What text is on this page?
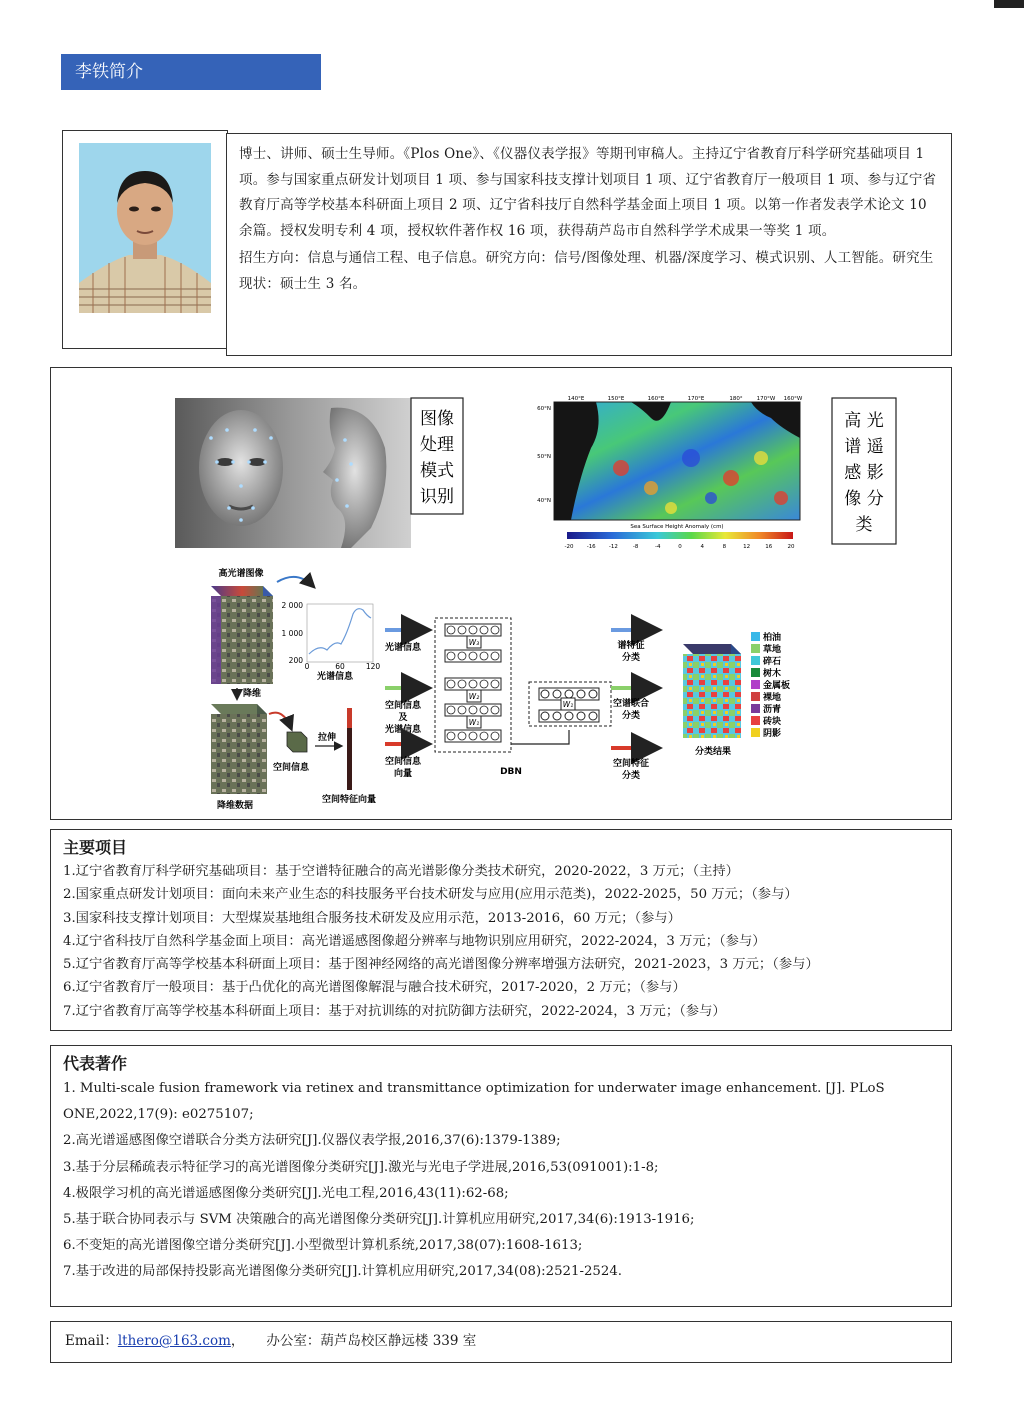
李铁简介

博士、讲师、硕士生导师。《Plos One》、《仪器仪表学报》等期刊审稿人。主持辽宁省教育厅科学研究基础项目 1 项。参与国家重点研发计划项目 1 项、参与国家科技支撑计划项目 1 项、辽宁省教育厅一般项目 1 项、参与辽宁省教育厅高等学校基本科研面上项目 2 项、辽宁省科技厅自然科学基金面上项目 1 项。以第一作者发表学术论文 10 余篇。授权发明专利 4 项，授权软件著作权 16 项，获得葫芦岛市自然科学学术成果一等奖 1 项。

招生方向：信息与通信工程、电子信息。研究方向：信号/图像处理、机器/深度学习、模式识别、人工智能。研究生现状：硕士生 3 名。

图像
处理
模式
识别
140°E	150°E	160°E	170°E	180°	170°W 160°W
60°N
50°N
40°N
Sea Surface Height Anomaly (cm)
-20 -16 -12	-8	-4	0	4	8	12	16	20
高 光
谱 遥
感 影
像 分
类
高光谱图像
2 000
1 000
200
0	60	120
光谱信息
降维
降维数据
空间信息
拉伸
空间特征向量
光谱信息
空间信息
及
光谱信息
空间信息
向量
W₃
W₂
W₁
DBN
W₁
谱特征
分类
空谱联合
分类
空间特征
分类
分类结果
柏油
草地
碎石
树木
金属板
裸地
沥青
砖块
阴影
主要项目
1.辽宁省教育厅科学研究基础项目：基于空谱特征融合的高光谱影像分类技术研究，2020-2022，3 万元；（主持）
2.国家重点研发计划项目：面向未来产业生态的科技服务平台技术研发与应用(应用示范类)，2022-2025，50 万元；（参与）
3.国家科技支撑计划项目：大型煤炭基地组合服务技术研发及应用示范，2013-2016，60 万元；（参与）
4.辽宁省科技厅自然科学基金面上项目：高光谱遥感图像超分辨率与地物识别应用研究，2022-2024，3 万元；（参与）
5.辽宁省教育厅高等学校基本科研面上项目：基于图神经网络的高光谱图像分辨率增强方法研究，2021-2023，3 万元；（参与）
6.辽宁省教育厅一般项目：基于凸优化的高光谱图像解混与融合技术研究，2017-2020，2 万元；（参与）
7.辽宁省教育厅高等学校基本科研面上项目：基于对抗训练的对抗防御方法研究，2022-2024，3 万元；（参与）
代表著作
1. Multi-scale fusion framework via retinex and transmittance optimization for underwater image enhancement. [J]. PLoS ONE,2022,17(9): e0275107;
2.高光谱遥感图像空谱联合分类方法研究[J].仪器仪表学报,2016,37(6):1379-1389;
3.基于分层稀疏表示特征学习的高光谱图像分类研究[J].激光与光电子学进展,2016,53(091001):1-8;
4.极限学习机的高光谱遥感图像分类研究[J].光电工程,2016,43(11):62-68;
5.基于联合协同表示与 SVM 决策融合的高光谱图像分类研究[J].计算机应用研究,2017,34(6):1913-1916;
6.不变矩的高光谱图像空谱分类研究[J].小型微型计算机系统,2017,38(07):1608-1613;
7.基于改进的局部保持投影高光谱图像分类研究[J].计算机应用研究,2017,34(08):2521-2524.
Email：lthero@163.com， 办公室：葫芦岛校区静远楼 339 室
